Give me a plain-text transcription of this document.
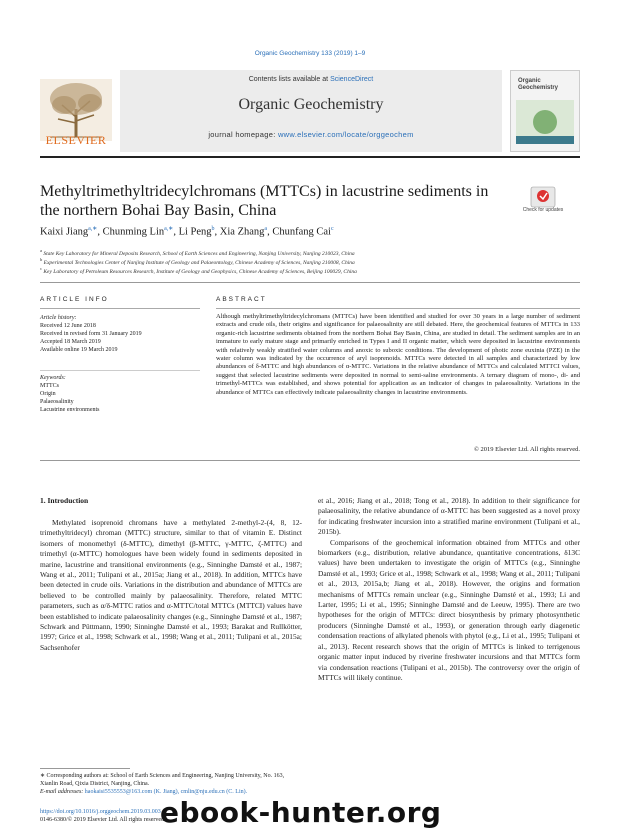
Organic Geochemistry 133 (2019) 1–9
ELSEVIER
Contents lists available at ScienceDirect
Organic Geochemistry
journal homepage: www.elsevier.com/locate/orggeochem
Organic Geochemistry
Methyltrimethyltridecylchromans (MTTCs) in lacustrine sediments in the northern Bohai Bay Basin, China	Check for updates
Kaixi Jiang$^{a,∗}$, Chunming Lin$^{a,∗}$, Li Peng$^b$, Xia Zhang$^a$, Chunfang Cai$^c$
$^a$ State Key Laboratory for Mineral Deposits Research, School of Earth Sciences and Engineering, Nanjing University, Nanjing 210023, China
$^b$ Experimental Technologies Center of Nanjing Institute of Geology and Palaeontology, Chinese Academy of Sciences, Nanjing 210008, China
$^c$ Key Laboratory of Petroleum Resources Research, Institute of Geology and Geophysics, Chinese Academy of Sciences, Beijing 100029, China
ARTICLE INFO	ABSTRACT
Article history:
Received 12 June 2018
Received in revised form 31 January 2019
Accepted 18 March 2019
Available online 19 March 2019
Keywords:
MTTCs
Origin
Palaeosalinity
Lacustrine environments
Although methyltrimethyltridecylchromans (MTTCs) have been identified and studied for over 30 years in a large number of sediment extracts and crude oils, their origins and significance for palaeosalinity are still debated. Here, the geochemical features of MTTCs in 133 organic-rich lacustrine sediments obtained from the northern Bohai Bay Basin, China, are studied in detail. The sediment samples are in an immature to early mature stage and primarily enriched in Types I and II organic matter, which were deposited in lacustrine environments with relatively weakly stratified water columns and anoxic to suboxic conditions. The development of photic zone euxinia (PZE) in the water column was indicated by the occurrence of aryl isoprenoids. MTTCs were detected in all samples and characterized by low abundances of δ-MTTC and high abundances of α-MTTC. Variations in the relative abundance of MTTCs and calculated MTTCI values, suggest that selected lacustrine sediments were deposited in normal to semi-saline environments. A ternary diagram of mono-, di- and trimethyl-MTTCs was established, and shows potential for application as an indicator of changes in palaeosalinity. Variations in the abundance of MTTCs can effectively indicate palaeosalinity changes in lacustrine environments.
© 2019 Elsevier Ltd. All rights reserved.
1. Introduction
Methylated isoprenoid chromans have a methylated 2-methyl-2-(4, 8, 12-trimethyltridecyl) chroman (MTTC) structure, similar to that of vitamin E. Distinct isomers of monomethyl (δ-MTTC), dimethyl (β-MTTC, γ-MTTC, ζ-MTTC) and trimethyl (α-MTTC) homologues have been widely found in sediments deposited in marine, lacustrine and transitional environments (e.g., Sinninghe Damsté et al., 1987; Wang et al., 2011; Tulipani et al., 2015a; Jiang et al., 2018). In addition, MTTCs have been detected in crude oils. Variations in the distribution and abundance of MTTCs are believed to be controlled mainly by palaeosalinity. Therefore, related MTTC parameters, such as α/δ-MTTC ratios and α-MTTC/total MTTCs (MTTCI) values have been established to indicate palaeosalinity changes (e.g., Sinninghe Damsté et al., 1987; Schwark and Püttmann, 1990; Sinninghe Damsté et al., 1993; Barakat and Rullkötter, 1997; Grice et al., 1998; Schwark et al., 1998; Wang et al., 2011; Tulipani et al., 2015a; Sachsenhofer
et al., 2016; Jiang et al., 2018; Tong et al., 2018). In addition to their significance for palaeosalinity, the relative abundance of α-MTTC has been suggested as a novel proxy for indicating freshwater incursion into a stratified marine environment (Tulipani et al., 2015b).
Comparisons of the geochemical information obtained from MTTCs and other biomarkers (e.g., distribution, relative abundance, quantitative concentrations, δ13C values) have been undertaken to investigate the origin of MTTCs (e.g., Sinninghe Damsté et al., 1993; Grice et al., 1998; Schwark et al., 1998; Wang et al., 2011; Tulipani et al., 2013, 2015a,b; Jiang et al., 2018). However, the origins and formation mechanisms of MTTCs remain unclear (e.g., Sinninghe Damsté et al., 1993; Li and Larter, 1995; Li et al., 1995; Sinninghe Damsté and de Leeuw, 1995). There are two hypotheses for the origin of MTTCs: direct biosynthesis by primary photosynthetic producers (Sinninghe Damsté et al., 1993), or generation through early diagenetic condensation reactions of alkylated phenols with phytol (e.g., Li et al., 1995; Tulipani et al., 2013). Recent research shows that the origin of MTTCs is linked to terrigenous organic matter input induced by riverine freshwater incursions and that MTTCs form via condensation reactions (Tulipani et al., 2015b). The controversy over the origin of MTTCs will likely continue.
∗ Corresponding authors at: School of Earth Sciences and Engineering, Nanjing University, No. 163, Xianlin Road, Qixia District, Nanjing, China.
E-mail addresses: haokaisi5535553@163.com (K. Jiang), cmlin@nju.edu.cn (C. Lin).
https://doi.org/10.1016/j.orggeochem.2019.03.003
0146-6380/© 2019 Elsevier Ltd. All rights reserved.
ebook-hunter.org
